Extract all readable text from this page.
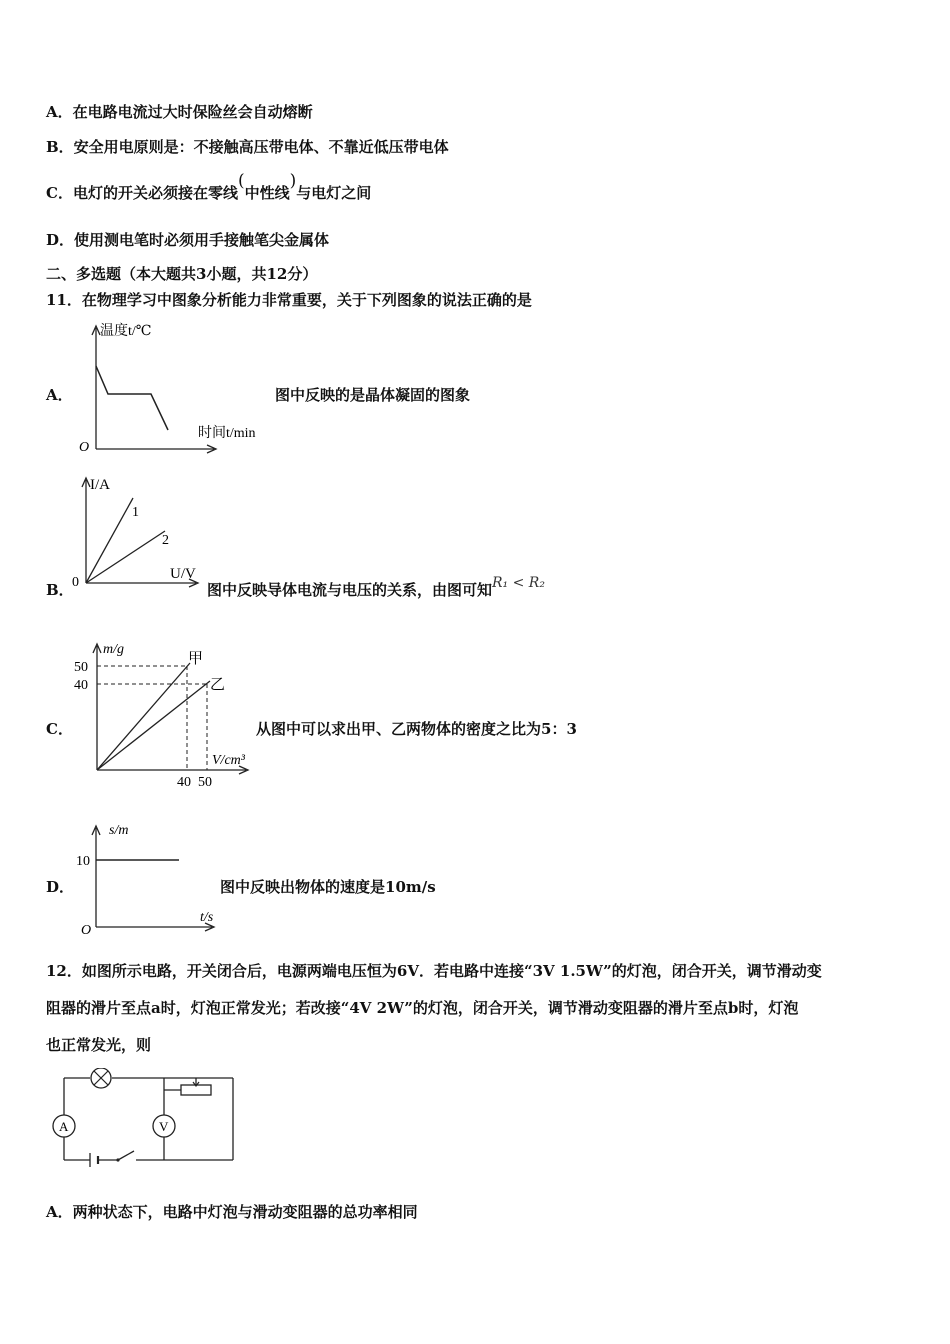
A．在电路电流过大时保险丝会自动熔断
B．安全用电原则是：不接触高压带电体、不靠近低压带电体
C．电灯的开关必须接在零线(中性线)与电灯之间
D．使用测电笔时必须用手接触笔尖金属体
二、多选题（本大题共3小题，共12分）
11．在物理学习中图象分析能力非常重要，关于下列图象的说法正确的是
A．
温度t/℃
时间t/min
O
图中反映的是晶体凝固的图象
B．
I/A
U/V
0
1
2
图中反映导体电流与电压的关系，由图可知R₁ < R₂
C．
m/g
V/cm³
50
40
40 50
甲
乙
从图中可以求出甲、乙两物体的密度之比为5：3
D．
s/m
t/s
10
O
图中反映出物体的速度是10m/s
12．如图所示电路，开关闭合后，电源两端电压恒为6V．若电路中连接“3V 1.5W”的灯泡，闭合开关，调节滑动变
阻器的滑片至点a时，灯泡正常发光；若改接“4V 2W”的灯泡，闭合开关，调节滑动变阻器的滑片至点b时，灯泡
也正常发光，则
A	V
A．两种状态下，电路中灯泡与滑动变阻器的总功率相同
